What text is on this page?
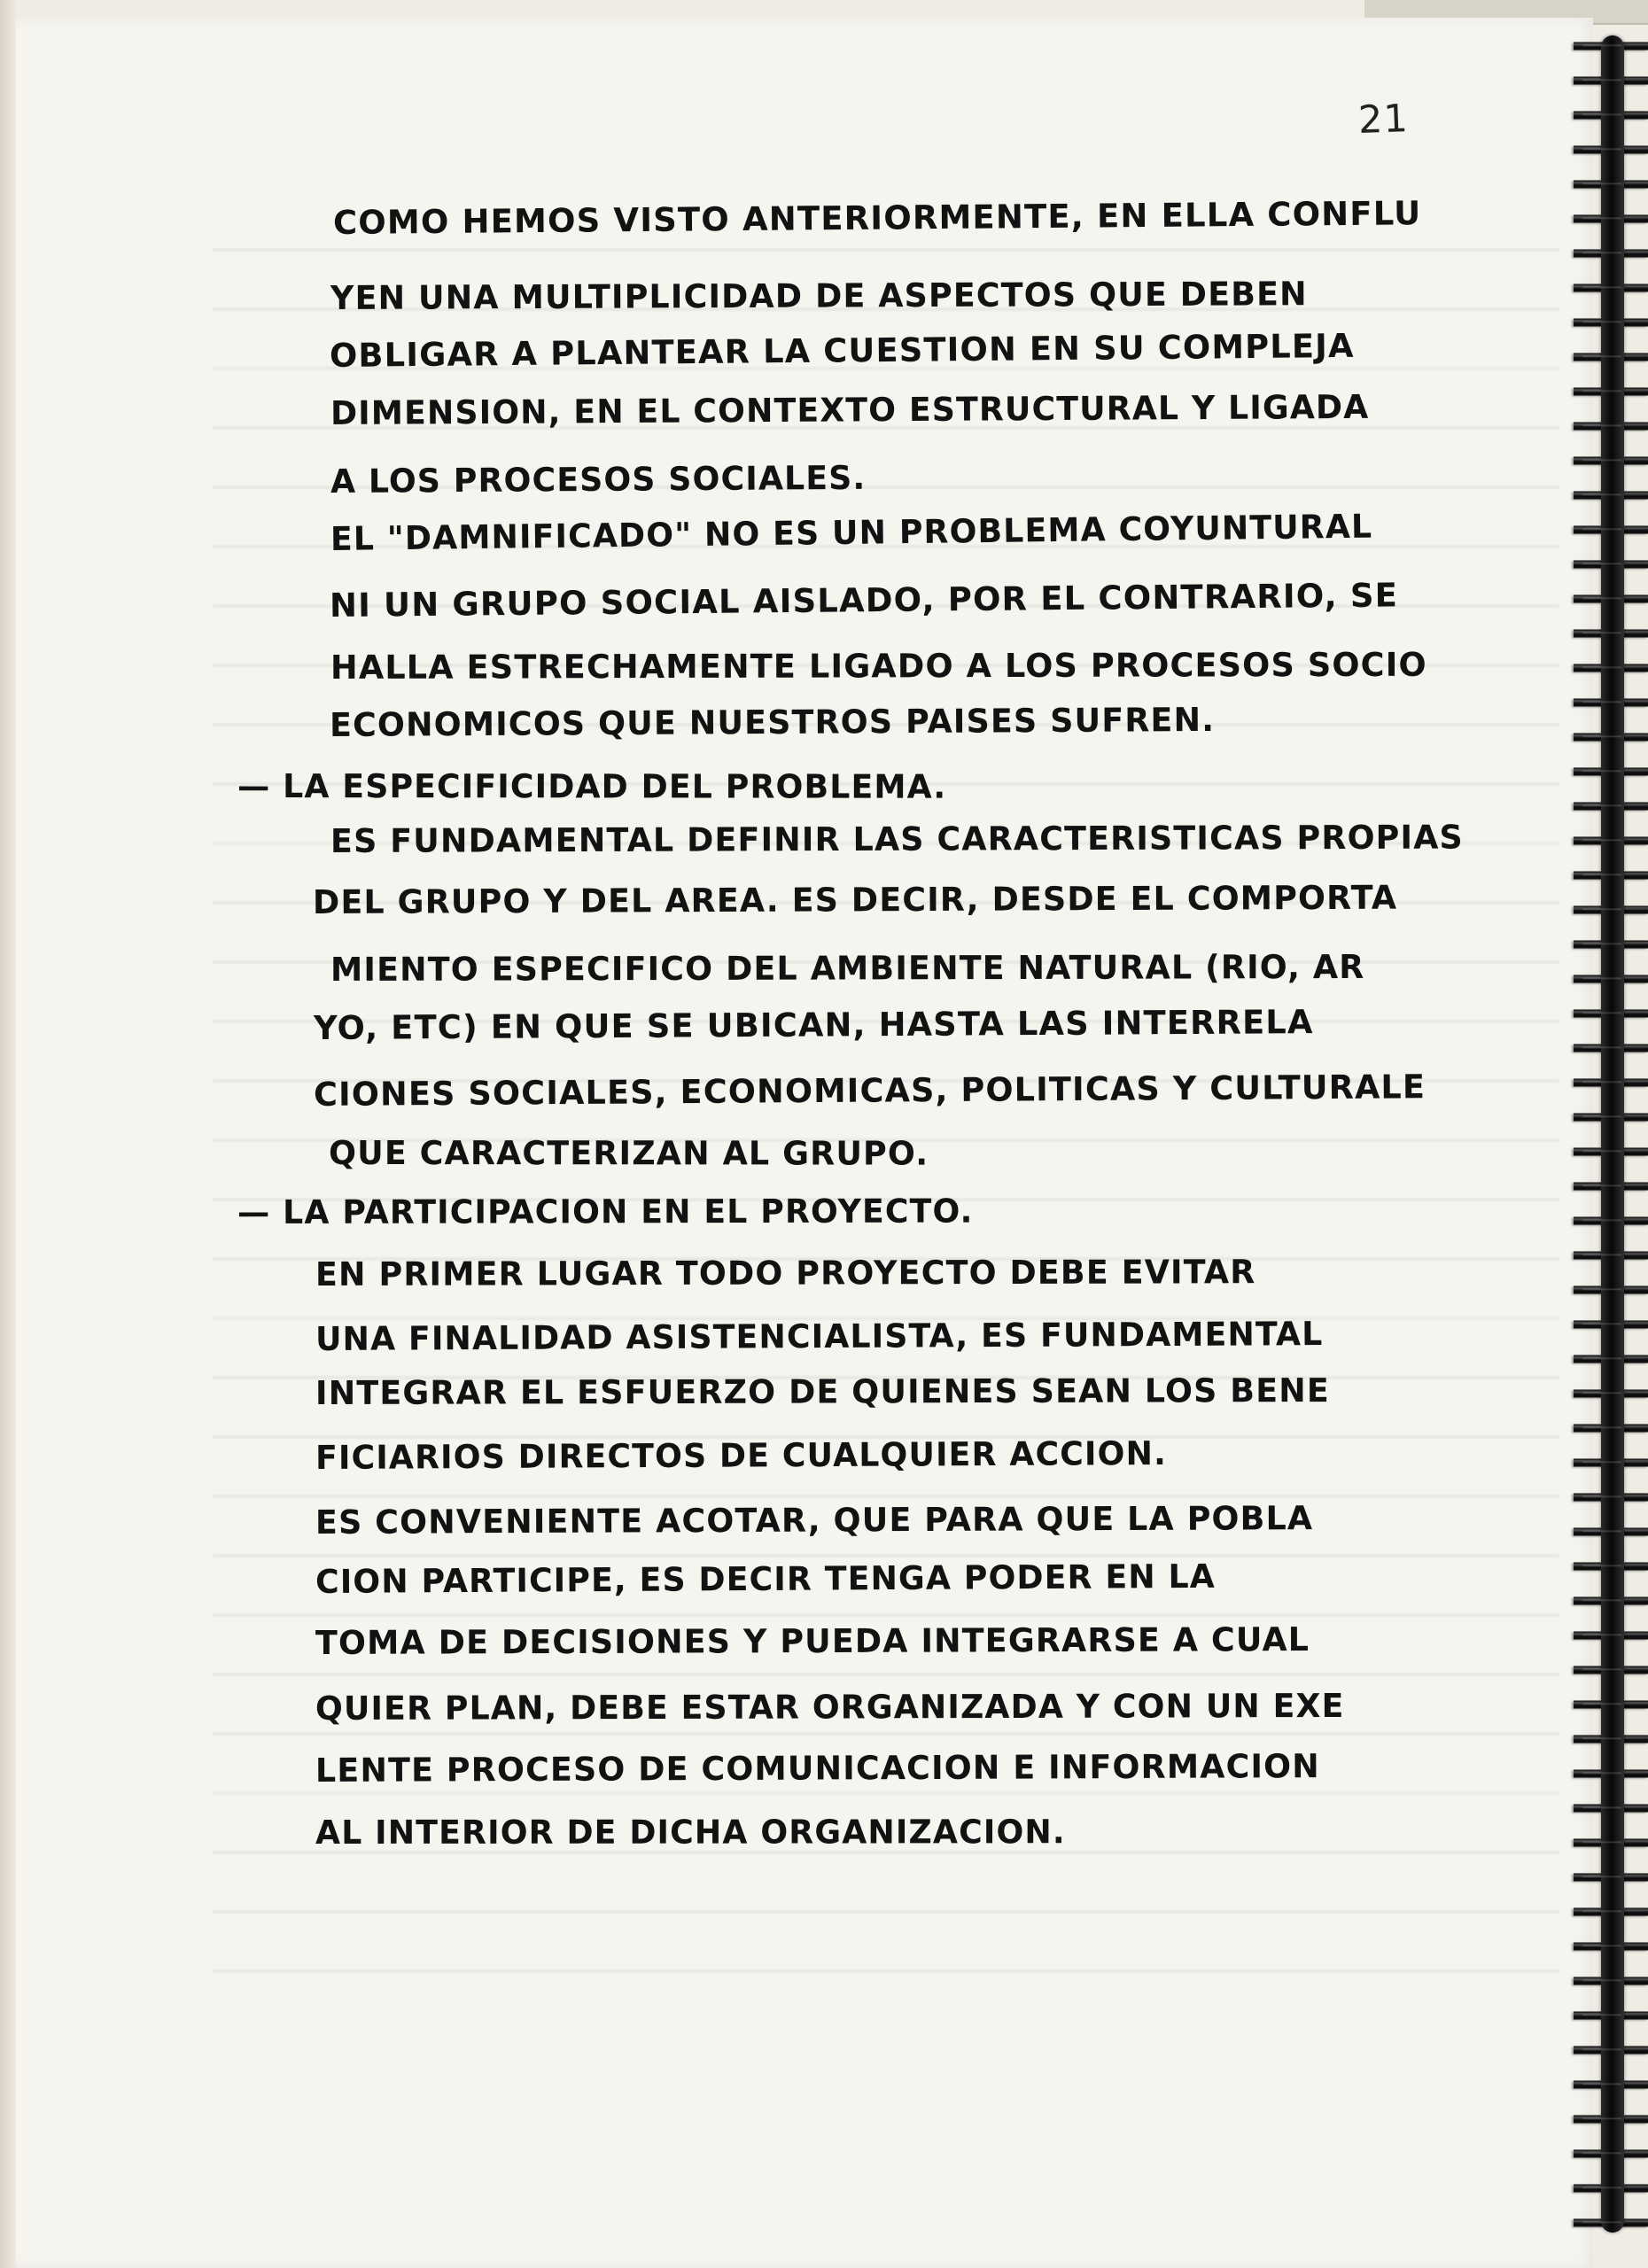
21
COMO HEMOS VISTO ANTERIORMENTE, EN ELLA CONFLU
YEN UNA MULTIPLICIDAD DE ASPECTOS QUE DEBEN
OBLIGAR A PLANTEAR LA CUESTION EN SU COMPLEJA
DIMENSION, EN EL CONTEXTO ESTRUCTURAL Y LIGADA
A LOS PROCESOS SOCIALES.
EL "DAMNIFICADO" NO ES UN PROBLEMA COYUNTURAL
NI UN GRUPO SOCIAL AISLADO, POR EL CONTRARIO, SE
HALLA ESTRECHAMENTE LIGADO A LOS PROCESOS SOCIO
ECONOMICOS QUE NUESTROS PAISES SUFREN.
— LA ESPECIFICIDAD DEL PROBLEMA.
ES FUNDAMENTAL DEFINIR LAS CARACTERISTICAS PROPIAS
DEL GRUPO Y DEL AREA. ES DECIR, DESDE EL COMPORTA
MIENTO ESPECIFICO DEL AMBIENTE NATURAL (RIO, AR
YO, ETC) EN QUE SE UBICAN, HASTA LAS INTERRELA
CIONES SOCIALES, ECONOMICAS, POLITICAS Y CULTURALE
QUE CARACTERIZAN AL GRUPO.
— LA PARTICIPACION EN EL PROYECTO.
EN PRIMER LUGAR TODO PROYECTO DEBE EVITAR
UNA FINALIDAD ASISTENCIALISTA, ES FUNDAMENTAL
INTEGRAR EL ESFUERZO DE QUIENES SEAN LOS BENE
FICIARIOS DIRECTOS DE CUALQUIER ACCION.
ES CONVENIENTE ACOTAR, QUE PARA QUE LA POBLA
CION PARTICIPE, ES DECIR TENGA PODER EN LA
TOMA DE DECISIONES Y PUEDA INTEGRARSE A CUAL
QUIER PLAN, DEBE ESTAR ORGANIZADA Y CON UN EXE
LENTE PROCESO DE COMUNICACION E INFORMACION
AL INTERIOR DE DICHA ORGANIZACION.
